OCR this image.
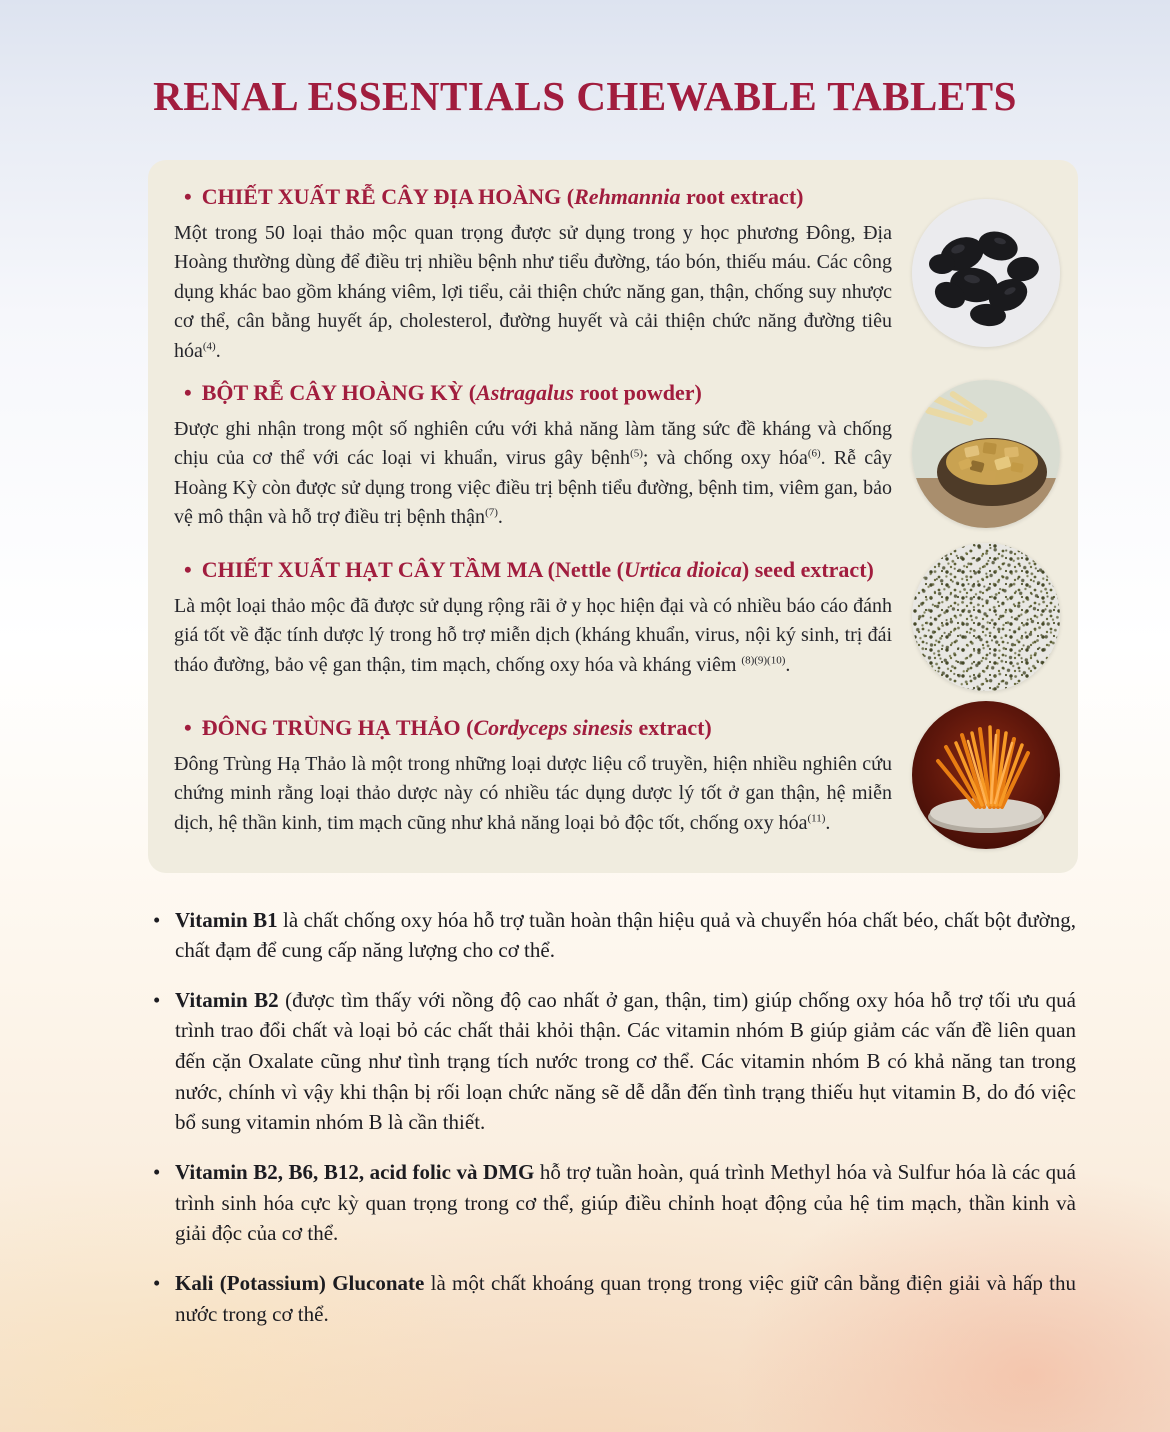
RENAL ESSENTIALS CHEWABLE TABLETS
• CHIẾT XUẤT RỄ CÂY ĐỊA HOÀNG (Rehmannia root extract)

Một trong 50 loại thảo mộc quan trọng được sử dụng trong y học phương Đông, Địa Hoàng thường dùng để điều trị nhiều bệnh như tiểu đường, táo bón, thiếu máu. Các công dụng khác bao gồm kháng viêm, lợi tiểu, cải thiện chức năng gan, thận, chống suy nhược cơ thể, cân bằng huyết áp, cholesterol, đường huyết và cải thiện chức năng đường tiêu hóa$^{(4)}$.

• BỘT RỄ CÂY HOÀNG KỲ (Astragalus root powder)

Được ghi nhận trong một số nghiên cứu với khả năng làm tăng sức đề kháng và chống chịu của cơ thể với các loại vi khuẩn, virus gây bệnh$^{(5)}$; và chống oxy hóa$^{(6)}$. Rễ cây Hoàng Kỳ còn được sử dụng trong việc điều trị bệnh tiểu đường, bệnh tim, viêm gan, bảo vệ mô thận và hỗ trợ điều trị bệnh thận$^{(7)}$.

• CHIẾT XUẤT HẠT CÂY TẦM MA (Nettle (Urtica dioica) seed extract)

Là một loại thảo mộc đã được sử dụng rộng rãi ở y học hiện đại và có nhiều báo cáo đánh giá tốt về đặc tính dược lý trong hỗ trợ miễn dịch (kháng khuẩn, virus, nội ký sinh, trị đái tháo đường, bảo vệ gan thận, tim mạch, chống oxy hóa và kháng viêm $^{(8)(9)(10)}$.

• ĐÔNG TRÙNG HẠ THẢO (Cordyceps sinesis extract)

Đông Trùng Hạ Thảo là một trong những loại dược liệu cổ truyền, hiện nhiều nghiên cứu chứng minh rằng loại thảo dược này có nhiều tác dụng dược lý tốt ở gan thận, hệ miễn dịch, hệ thần kinh, tim mạch cũng như khả năng loại bỏ độc tốt, chống oxy hóa$^{(11)}$.

• Vitamin B1 là chất chống oxy hóa hỗ trợ tuần hoàn thận hiệu quả và chuyển hóa chất béo, chất bột đường, chất đạm để cung cấp năng lượng cho cơ thể.
• Vitamin B2 (được tìm thấy với nồng độ cao nhất ở gan, thận, tim) giúp chống oxy hóa hỗ trợ tối ưu quá trình trao đổi chất và loại bỏ các chất thải khỏi thận. Các vitamin nhóm B giúp giảm các vấn đề liên quan đến cặn Oxalate cũng như tình trạng tích nước trong cơ thể. Các vitamin nhóm B có khả năng tan trong nước, chính vì vậy khi thận bị rối loạn chức năng sẽ dễ dẫn đến tình trạng thiếu hụt vitamin B, do đó việc bổ sung vitamin nhóm B là cần thiết.
• Vitamin B2, B6, B12, acid folic và DMG hỗ trợ tuần hoàn, quá trình Methyl hóa và Sulfur hóa là các quá trình sinh hóa cực kỳ quan trọng trong cơ thể, giúp điều chỉnh hoạt động của hệ tim mạch, thần kinh và giải độc của cơ thể.
• Kali (Potassium) Gluconate là một chất khoáng quan trọng trong việc giữ cân bằng điện giải và hấp thu nước trong cơ thể.
